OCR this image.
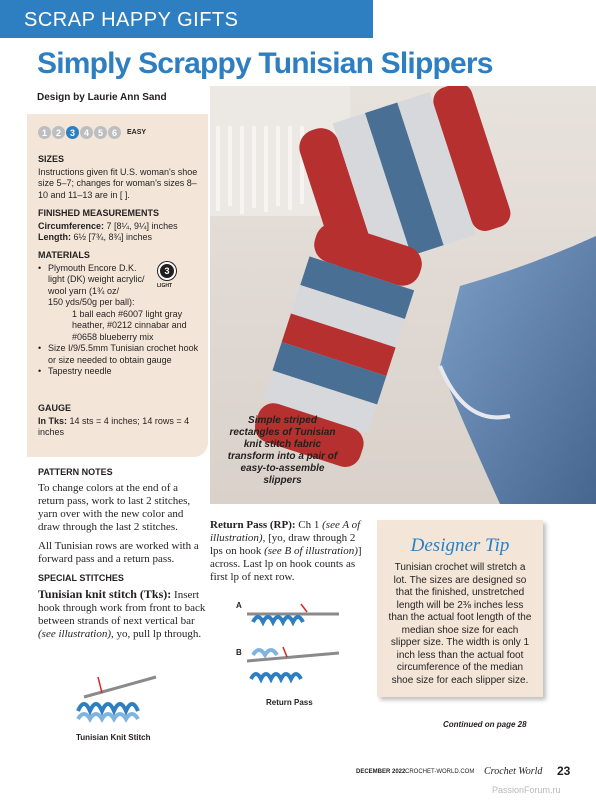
SCRAP HAPPY GIFTS
Simply Scrappy Tunisian Slippers
Design by Laurie Ann Sand
1 2 3 4 5 6	EASY
SIZES
Instructions given fit U.S. woman's shoe size 5–7; changes for woman's sizes 8–10 and 11–13 are in [ ].
FINISHED MEASUREMENTS
Circumference: 7 [8¼, 9¼] inches
Length: 6½ [7¾, 8¾] inches
MATERIALS
• Plymouth Encore D.K.
light (DK) weight acrylic/
wool yarn (1¾ oz/
150 yds/50g per ball):
1 ball each #6007 light gray
heather, #0212 cinnabar and
#0658 blueberry mix
• Size I/9/5.5mm Tunisian crochet hook or size needed to obtain gauge
• Tapestry needle
3
LIGHT
GAUGE
In Tks: 14 sts = 4 inches; 14 rows = 4 inches
Simple striped rectangles of Tunisian knit stitch fabric transform into a pair of easy-to-assemble slippers
PATTERN NOTES

To change colors at the end of a return pass, work to last 2 stitches, yarn over with the new color and draw through the last 2 stitches.

All Tunisian rows are worked with a forward pass and a return pass.

SPECIAL STITCHES

Tunisian knit stitch (Tks): Insert hook through work from front to back between strands of next vertical bar (see illustration), yo, pull lp through.

Tunisian Knit Stitch
Return Pass (RP): Ch 1 (see A of illustration), [yo, draw through 2 lps on hook (see B of illustration)] across. Last lp on hook counts as first lp of next row.
A
B
Return Pass
Designer Tip
Tunisian crochet will stretch a lot. The sizes are designed so that the finished, unstretched length will be 2⅜ inches less than the actual foot length of the median shoe size for each slipper size. The width is only 1 inch less than the actual foot circumference of the median shoe size for each slipper size.
Continued on page 28
DECEMBER 2022 CROCHET-WORLD.COM Crochet World 23
PassionForum.ru
